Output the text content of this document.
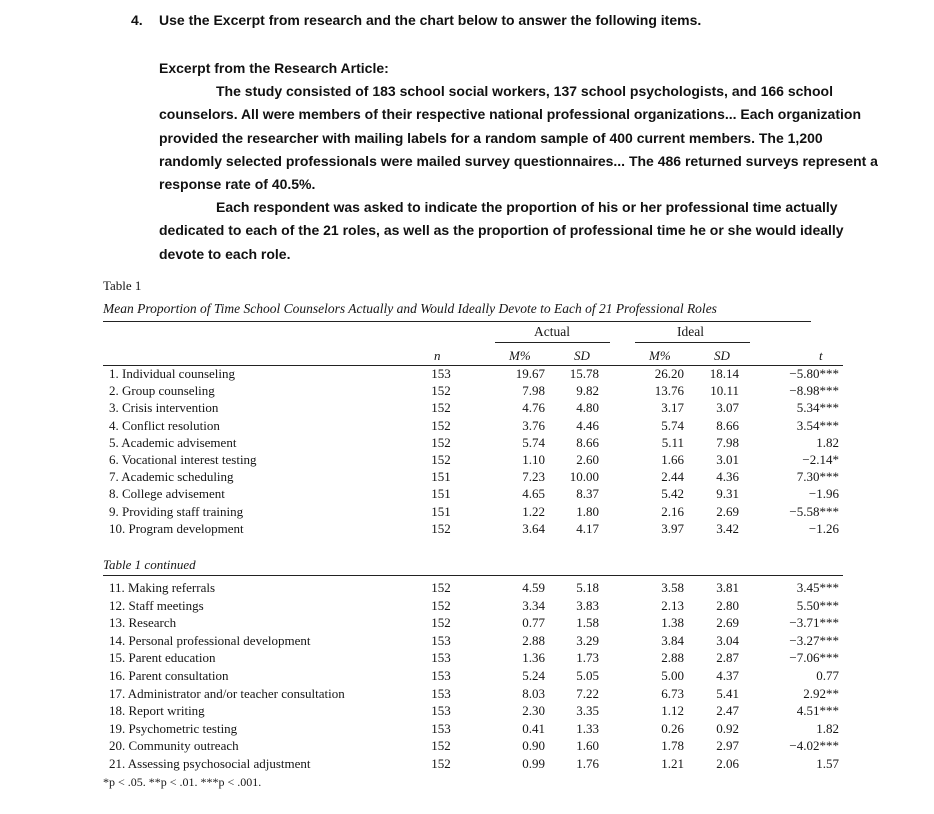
4. Use the Excerpt from research and the chart below to answer the following items.

Excerpt from the Research Article:

The study consisted of 183 school social workers, 137 school psychologists, and 166 school counselors. All were members of their respective national professional organizations... Each organization provided the researcher with mailing labels for a random sample of 400 current members. The 1,200 randomly selected professionals were mailed survey questionnaires... The 486 returned surveys represent a response rate of 40.5%.

Each respondent was asked to indicate the proportion of his or her professional time actually dedicated to each of the 21 roles, as well as the proportion of professional time he or she would ideally devote to each role.

Table 1
Mean Proportion of Time School Counselors Actually and Would Ideally Devote to Each of 21 Professional Roles
Actual	Ideal
n	M%	SD	M%	SD	t
Table 1 continued
1. Individual counseling	153	19.67	15.78	26.20	18.14	−5.80***
2. Group counseling	152	7.98	9.82	13.76	10.11	−8.98***
3. Crisis intervention	152	4.76	4.80	3.17	3.07	5.34***
4. Conflict resolution	152	3.76	4.46	5.74	8.66	3.54***
5. Academic advisement	152	5.74	8.66	5.11	7.98	1.82
6. Vocational interest testing	152	1.10	2.60	1.66	3.01	−2.14*
7. Academic scheduling	151	7.23	10.00	2.44	4.36	7.30***
8. College advisement	151	4.65	8.37	5.42	9.31	−1.96
9. Providing staff training	151	1.22	1.80	2.16	2.69	−5.58***
10. Program development	152	3.64	4.17	3.97	3.42	−1.26
11. Making referrals	152	4.59	5.18	3.58	3.81	3.45***
12. Staff meetings	152	3.34	3.83	2.13	2.80	5.50***
13. Research	152	0.77	1.58	1.38	2.69	−3.71***
14. Personal professional development	153	2.88	3.29	3.84	3.04	−3.27***
15. Parent education	153	1.36	1.73	2.88	2.87	−7.06***
16. Parent consultation	153	5.24	5.05	5.00	4.37	0.77
17. Administrator and/or teacher consultation	153	8.03	7.22	6.73	5.41	2.92**
18. Report writing	153	2.30	3.35	1.12	2.47	4.51***
19. Psychometric testing	153	0.41	1.33	0.26	0.92	1.82
20. Community outreach	152	0.90	1.60	1.78	2.97	−4.02***
21. Assessing psychosocial adjustment	152	0.99	1.76	1.21	2.06	1.57
*p < .05. **p < .01. ***p < .001.
